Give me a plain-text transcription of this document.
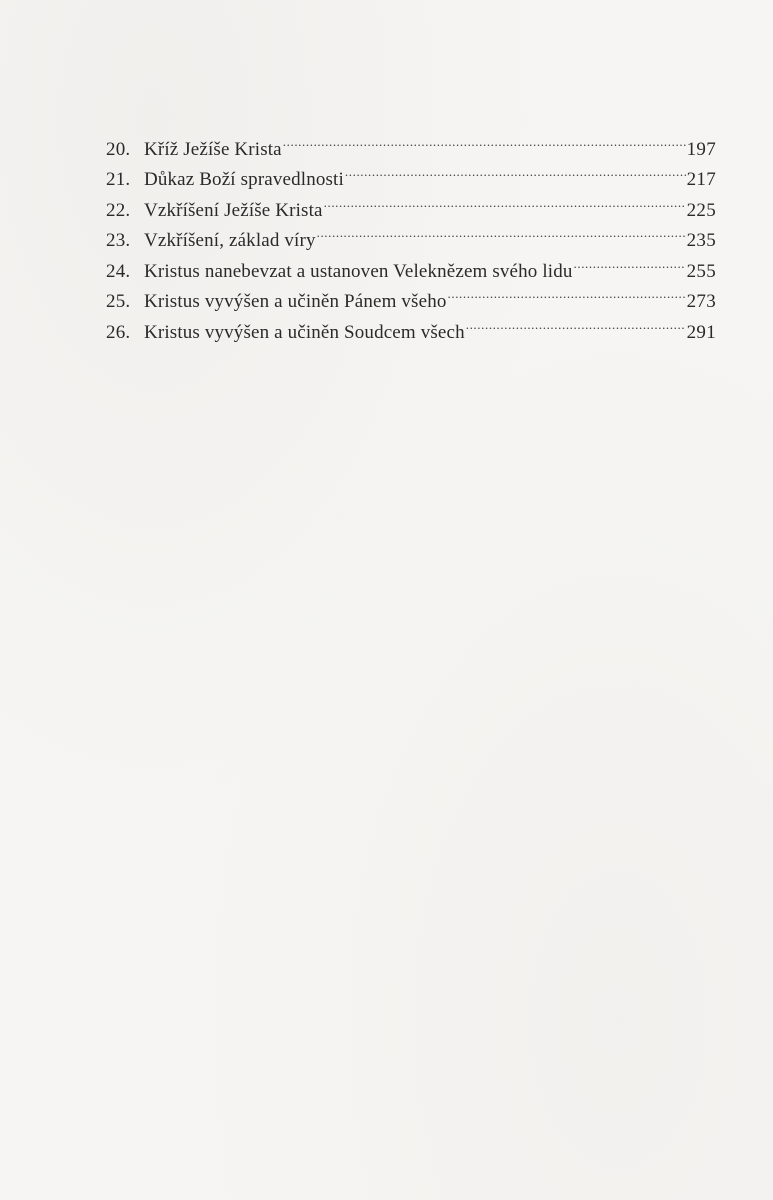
20. Kříž Ježíše Krista .....	197
21. Důkaz Boží spravedlnosti .....	217
22. Vzkříšení Ježíše Krista .....	225
23. Vzkříšení, základ víry .....	235
24. Kristus nanebevzat a ustanoven Veleknězem svého lidu .....	255
25. Kristus vyvýšen a učiněn Pánem všeho .....	273
26. Kristus vyvýšen a učiněn Soudcem všech .....	291
